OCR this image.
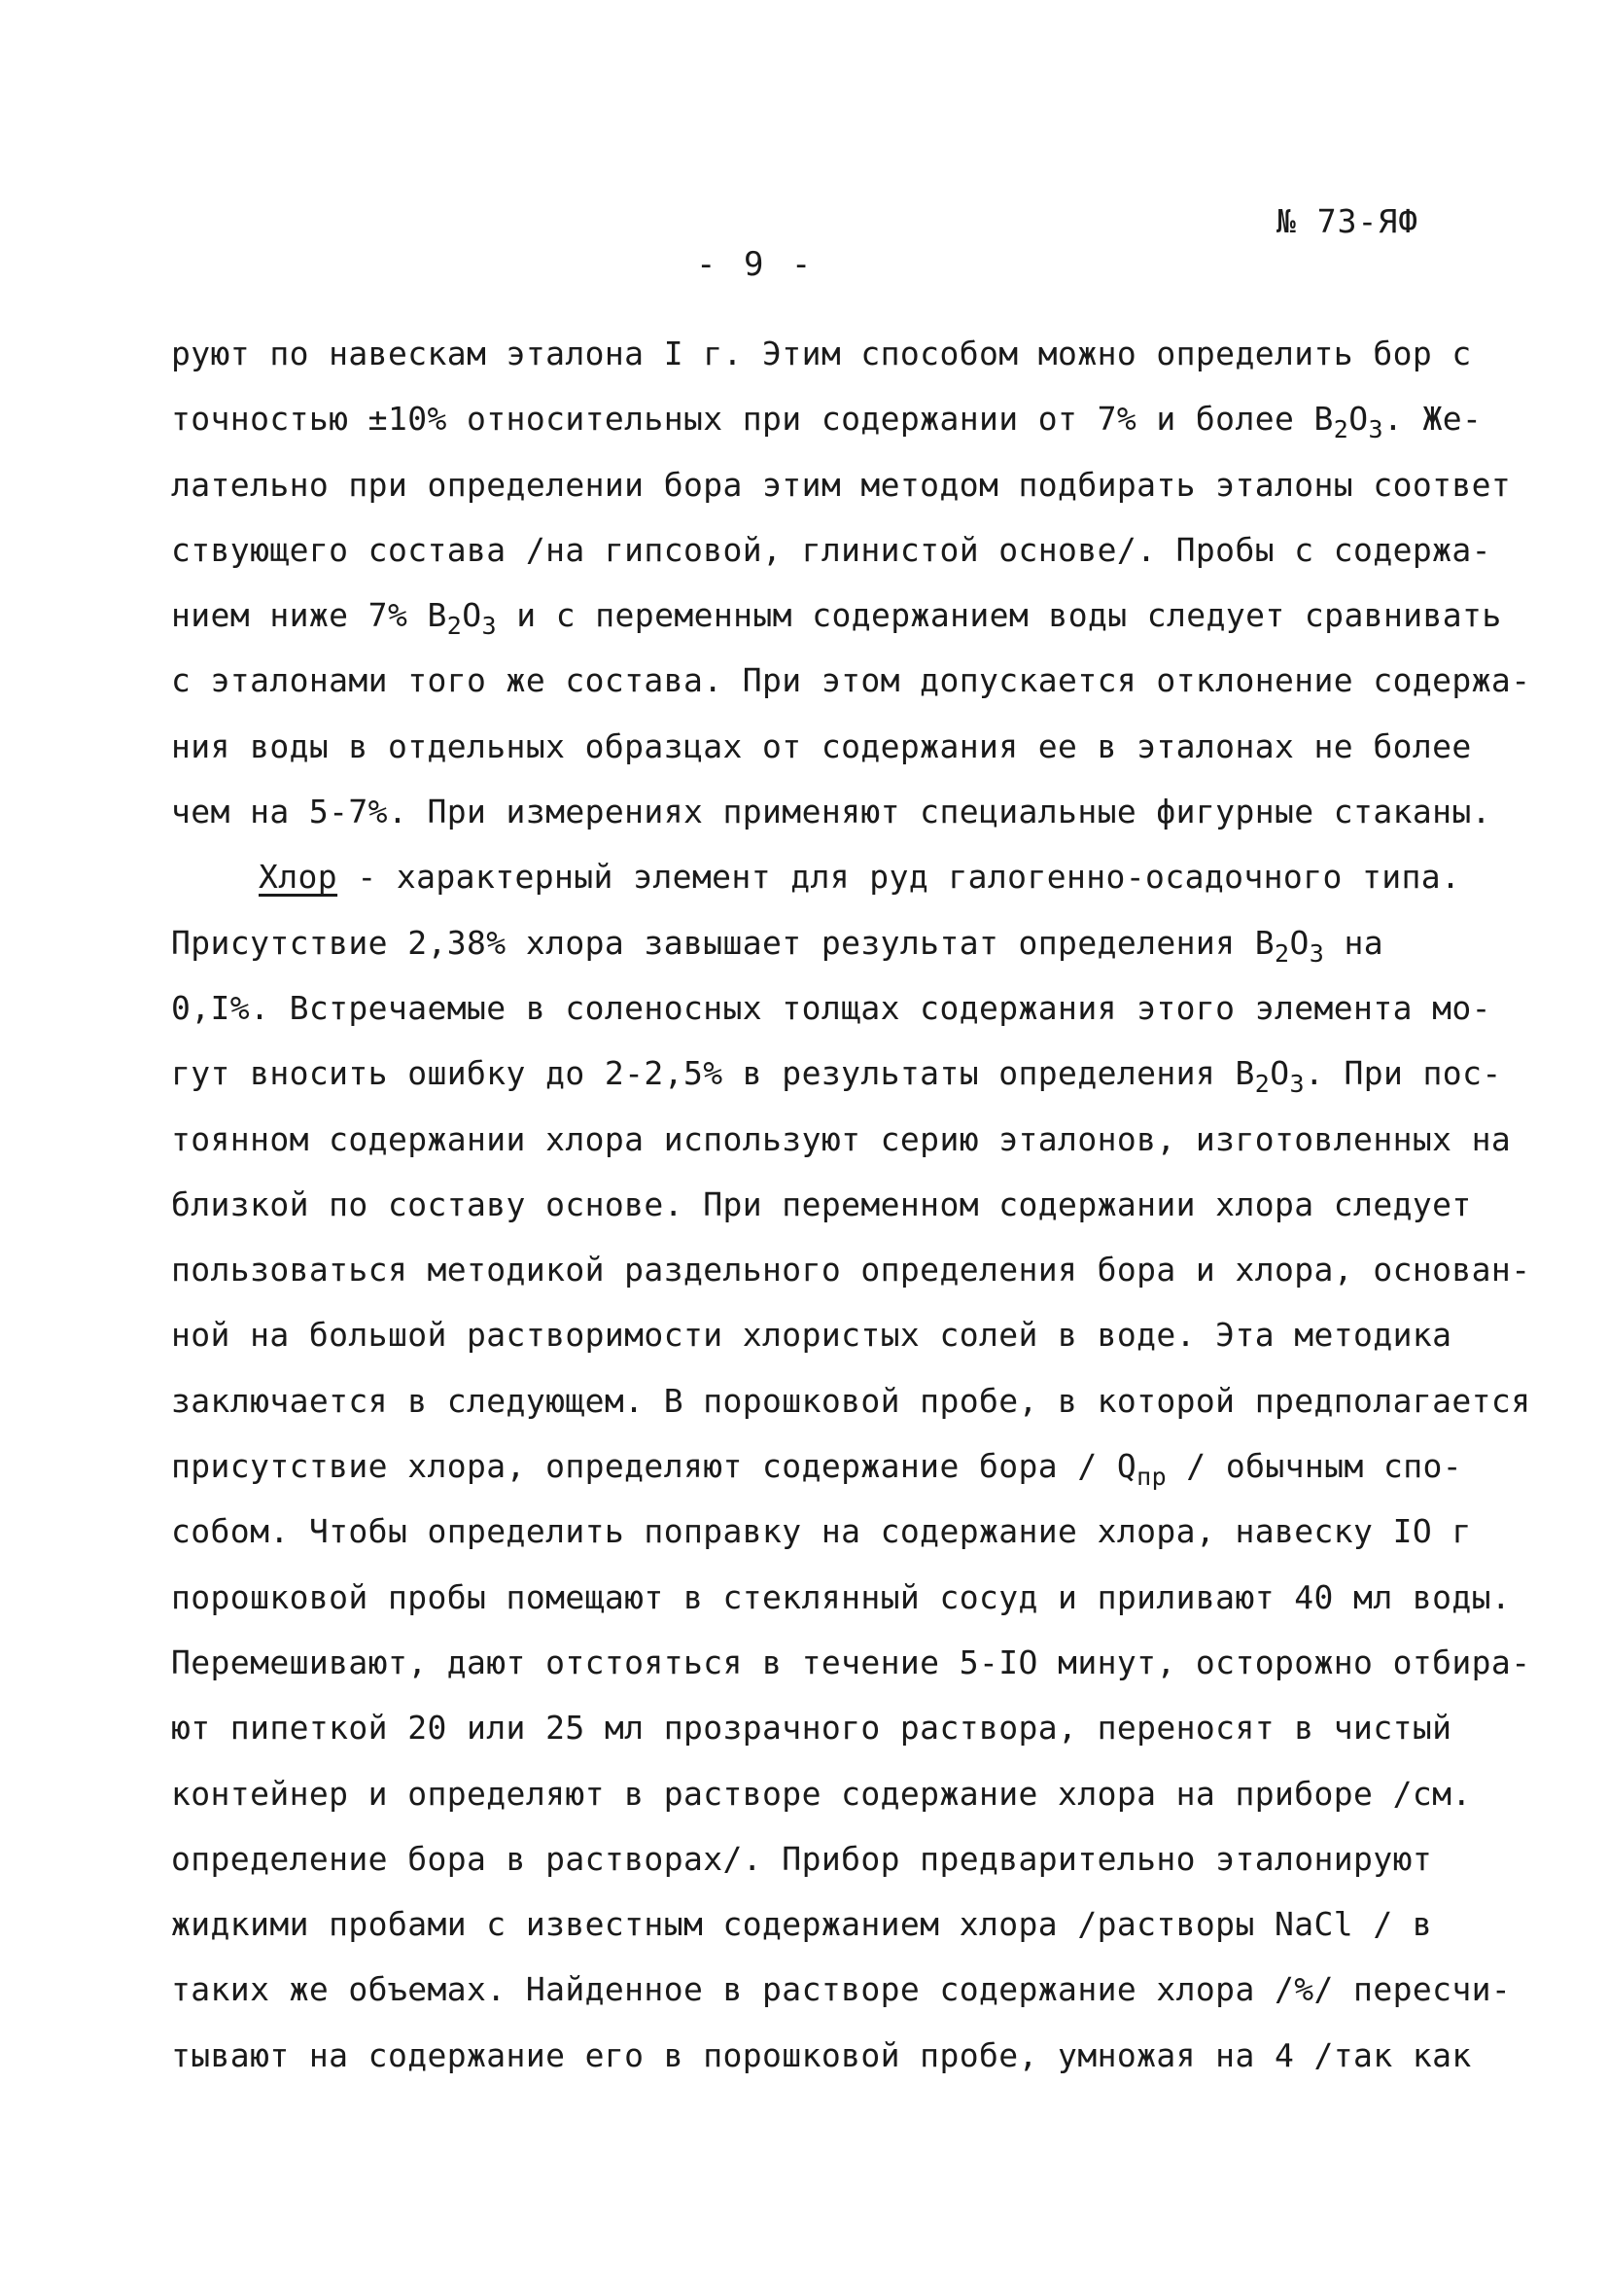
№ 73-ЯФ
- 9 -
руют по навескам эталона I г. Этим способом можно определить бор с
точностью ±10% относительных при содержании от 7% и более $B_2O_3$. Же-
лательно при определении бора этим методом подбирать эталоны соответ
ствующего состава /на гипсовой, глинистой основе/. Пробы с содержа-
нием ниже 7% $B_2O_3$ и с переменным содержанием воды следует сравнивать
с эталонами того же состава. При этом допускается отклонение содержа-
ния воды в отдельных образцах от содержания ее в эталонах не более
чем на 5-7%. При измерениях применяют специальные фигурные стаканы.
Хлор - характерный элемент для руд галогенно-осадочного типа.
Присутствие 2,38% хлора завышает результат определения $B_2O_3$ на
0,I%. Встречаемые в соленосных толщах содержания этого элемента мо-
гут вносить ошибку до 2-2,5% в результаты определения $B_2O_3$. При пос-
тоянном содержании хлора используют серию эталонов, изготовленных на
близкой по составу основе. При переменном содержании хлора следует
пользоваться методикой раздельного определения бора и хлора, основан-
ной на большой растворимости хлористых солей в воде. Эта методика
заключается в следующем. В порошковой пробе, в которой предполагается
присутствие хлора, определяют содержание бора / $Q_{пр}$ / обычным спо-
собом. Чтобы определить поправку на содержание хлора, навеску IO г
порошковой пробы помещают в стеклянный сосуд и приливают 40 мл воды.
Перемешивают, дают отстояться в течение 5-IO минут, осторожно отбира-
ют пипеткой 20 или 25 мл прозрачного раствора, переносят в чистый
контейнер и определяют в растворе содержание хлора на приборе /см.
определение бора в растворах/. Прибор предварительно эталонируют
жидкими пробами с известным содержанием хлора /растворы NaCl / в
таких же объемах. Найденное в растворе содержание хлора /%/ пересчи-
тывают на содержание его в порошковой пробе, умножая на 4 /так как
